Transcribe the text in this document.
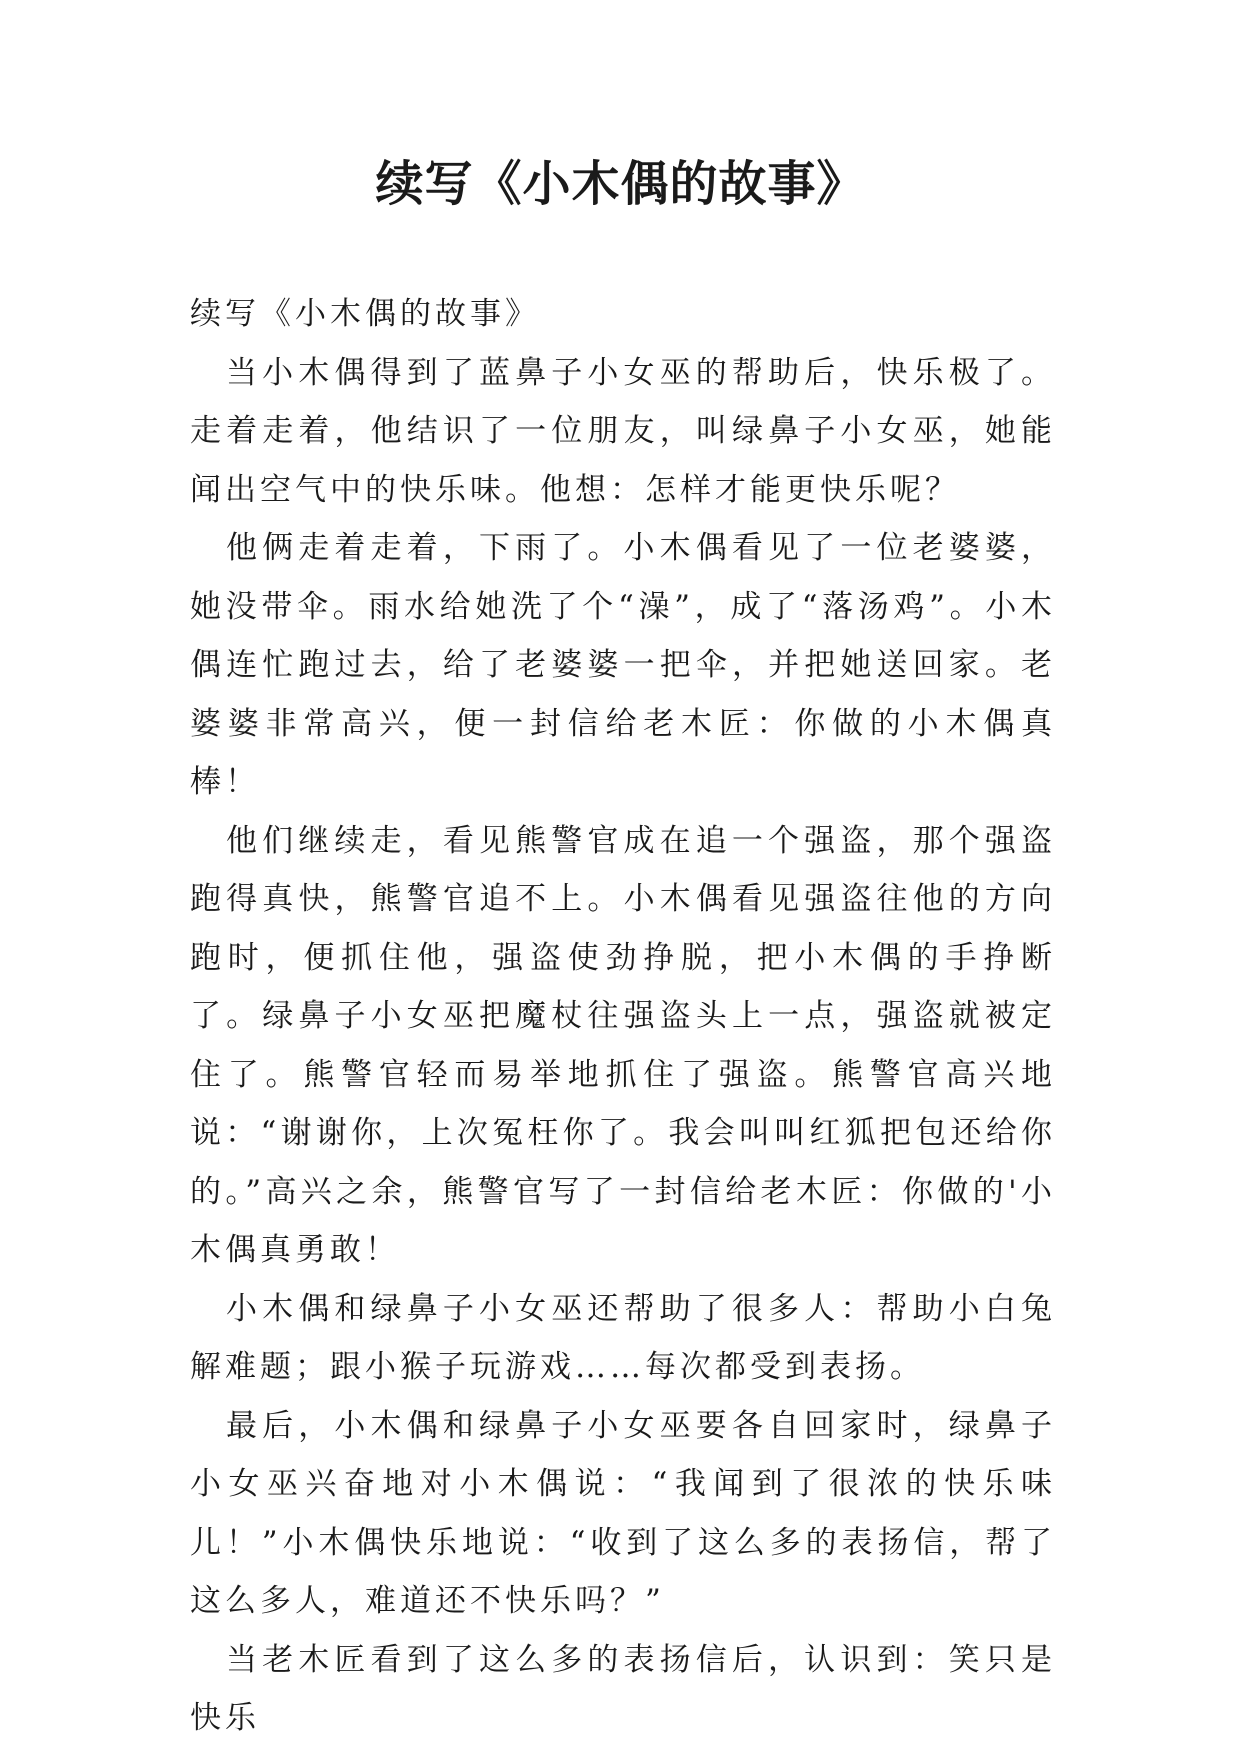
续写《小木偶的故事》

续写《小木偶的故事》

当小木偶得到了蓝鼻子小女巫的帮助后，快乐极了。走着走着，他结识了一位朋友，叫绿鼻子小女巫，她能闻出空气中的快乐味。他想：怎样才能更快乐呢？

他俩走着走着，下雨了。小木偶看见了一位老婆婆，她没带伞。雨水给她洗了个“澡”，成了“落汤鸡”。小木偶连忙跑过去，给了老婆婆一把伞，并把她送回家。老婆婆非常高兴，便一封信给老木匠：你做的小木偶真棒！

他们继续走，看见熊警官成在追一个强盗，那个强盗跑得真快，熊警官追不上。小木偶看见强盗往他的方向跑时，便抓住他，强盗使劲挣脱，把小木偶的手挣断了。绿鼻子小女巫把魔杖往强盗头上一点，强盗就被定住了。熊警官轻而易举地抓住了强盗。熊警官高兴地说：“谢谢你，上次冤枉你了。我会叫叫红狐把包还给你的。”高兴之余，熊警官写了一封信给老木匠：你做的'小木偶真勇敢！

小木偶和绿鼻子小女巫还帮助了很多人：帮助小白兔解难题；跟小猴子玩游戏……每次都受到表扬。

最后，小木偶和绿鼻子小女巫要各自回家时，绿鼻子小女巫兴奋地对小木偶说：“我闻到了很浓的快乐味儿！”小木偶快乐地说：“收到了这么多的表扬信，帮了这么多人，难道还不快乐吗？”

当老木匠看到了这么多的表扬信后，认识到：笑只是快乐
